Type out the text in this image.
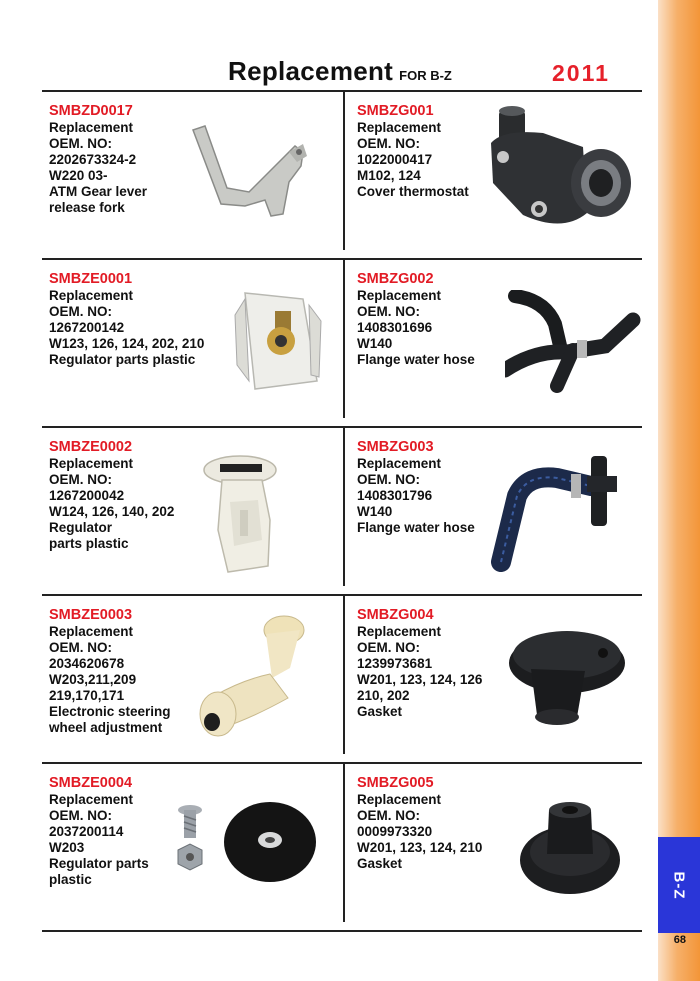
B-Z
68
Replacement FOR B-Z	2011
SMBZD0017
Replacement
OEM. NO:
2202673324-2
W220 03-
ATM Gear lever
release fork
SMBZG001
Replacement
OEM. NO:
1022000417
M102, 124
Cover thermostat
SMBZE0001
Replacement
OEM. NO:
1267200142
W123, 126, 124, 202, 210
Regulator parts plastic
SMBZG002
Replacement
OEM. NO:
1408301696
W140
Flange water hose
SMBZE0002
Replacement
OEM. NO:
1267200042
W124, 126, 140, 202
Regulator
parts plastic
SMBZG003
Replacement
OEM. NO:
1408301796
W140
Flange water hose
SMBZE0003
Replacement
OEM. NO:
2034620678
W203,211,209
219,170,171
Electronic steering
wheel adjustment
SMBZG004
Replacement
OEM. NO:
1239973681
W201, 123, 124, 126
210, 202
Gasket
SMBZE0004
Replacement
OEM. NO:
2037200114
W203
Regulator parts
plastic
SMBZG005
Replacement
OEM. NO:
0009973320
W201, 123, 124, 210
Gasket
